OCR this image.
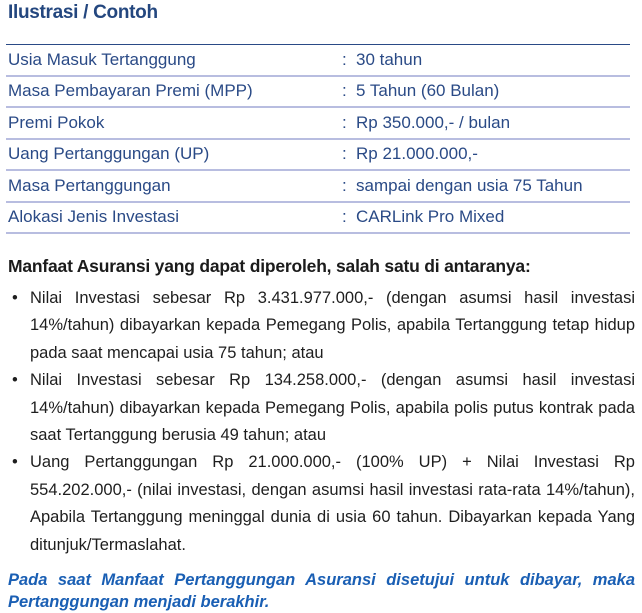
Ilustrasi / Contoh
Usia Masuk Tertanggung	: 30 tahun
Masa Pembayaran Premi (MPP)	: 5 Tahun (60 Bulan)
Premi Pokok	: Rp 350.000,- / bulan
Uang Pertanggungan (UP)	: Rp 21.000.000,-
Masa Pertanggungan	: sampai dengan usia 75 Tahun
Alokasi Jenis Investasi	: CARLink Pro Mixed
Manfaat Asuransi yang dapat diperoleh, salah satu di antaranya:
• Nilai Investasi sebesar Rp 3.431.977.000,- (dengan asumsi hasil investasi 14%/tahun) dibayarkan kepada Pemegang Polis, apabila Tertanggung tetap hidup pada saat mencapai usia 75 tahun; atau
• Nilai Investasi sebesar Rp 134.258.000,- (dengan asumsi hasil investasi 14%/tahun) dibayarkan kepada Pemegang Polis, apabila polis putus kontrak pada saat Tertanggung berusia 49 tahun; atau
• Uang Pertanggungan Rp 21.000.000,- (100% UP) + Nilai Investasi Rp 554.202.000,- (nilai investasi, dengan asumsi hasil investasi rata-rata 14%/tahun), Apabila Tertanggung meninggal dunia di usia 60 tahun. Dibayarkan kepada Yang ditunjuk/Termaslahat.
Pada saat Manfaat Pertanggungan Asuransi disetujui untuk dibayar, maka Pertanggungan menjadi berakhir.
